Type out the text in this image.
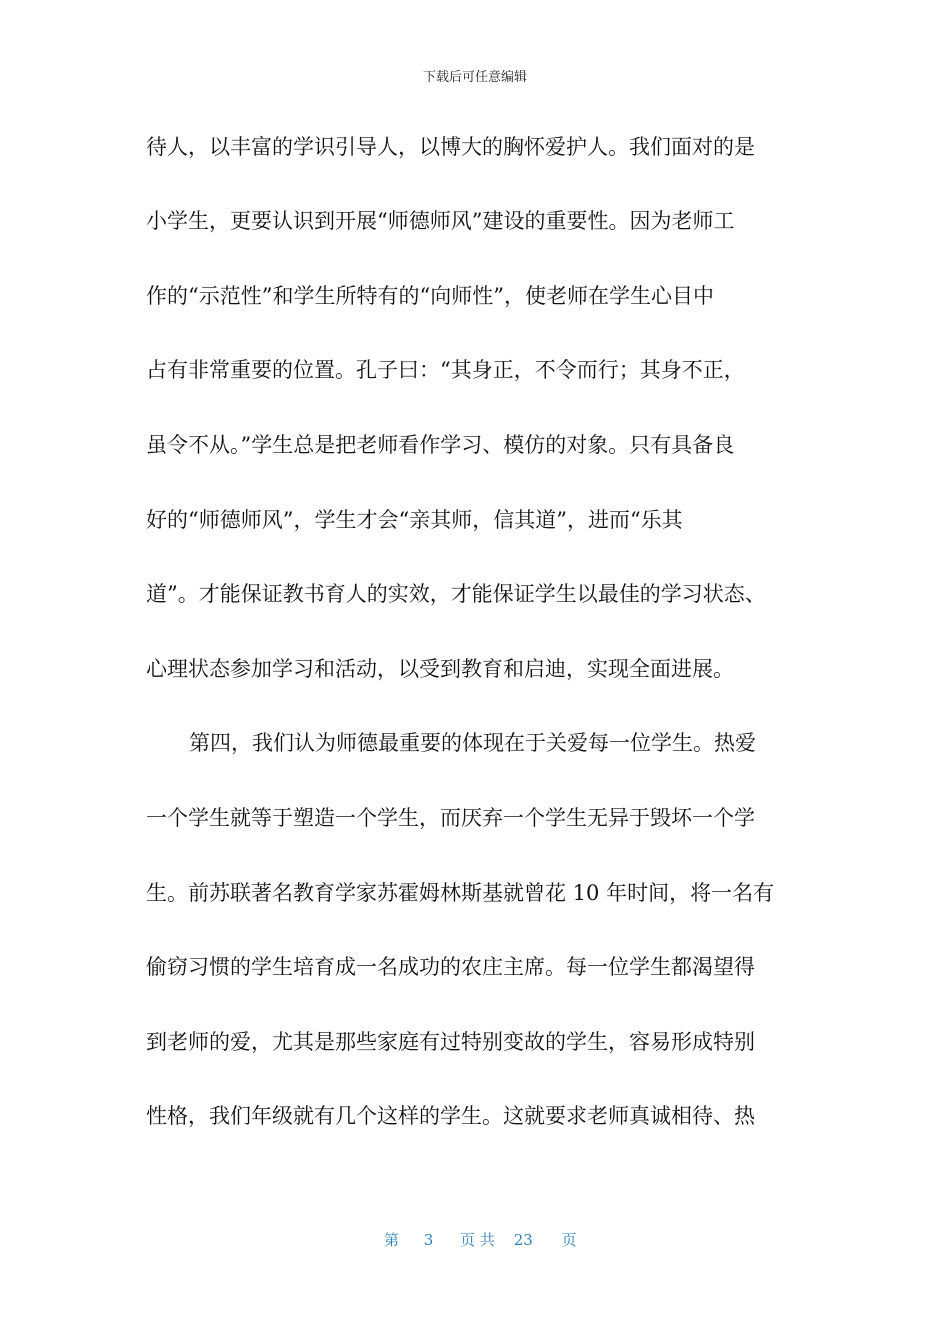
下载后可任意编辑
待人，以丰富的学识引导人，以博大的胸怀爱护人。我们面对的是
小学生，更要认识到开展“师德师风”建设的重要性。因为老师工
作的“示范性”和学生所特有的“向师性”，使老师在学生心目中
占有非常重要的位置。孔子曰：“其身正，不令而行；其身不正，
虽令不从。”学生总是把老师看作学习、模仿的对象。只有具备良
好的“师德师风”，学生才会“亲其师，信其道”，进而“乐其
道”。才能保证教书育人的实效，才能保证学生以最佳的学习状态、
心理状态参加学习和活动，以受到教育和启迪，实现全面进展。
第四，我们认为师德最重要的体现在于关爱每一位学生。热爱
一个学生就等于塑造一个学生，而厌弃一个学生无异于毁坏一个学
生。前苏联著名教育学家苏霍姆林斯基就曾花 10 年时间，将一名有
偷窃习惯的学生培育成一名成功的农庄主席。每一位学生都渴望得
到老师的爱，尤其是那些家庭有过特别变故的学生，容易形成特别
性格，我们年级就有几个这样的学生。这就要求老师真诚相待、热
第 3 页 共 23 页
